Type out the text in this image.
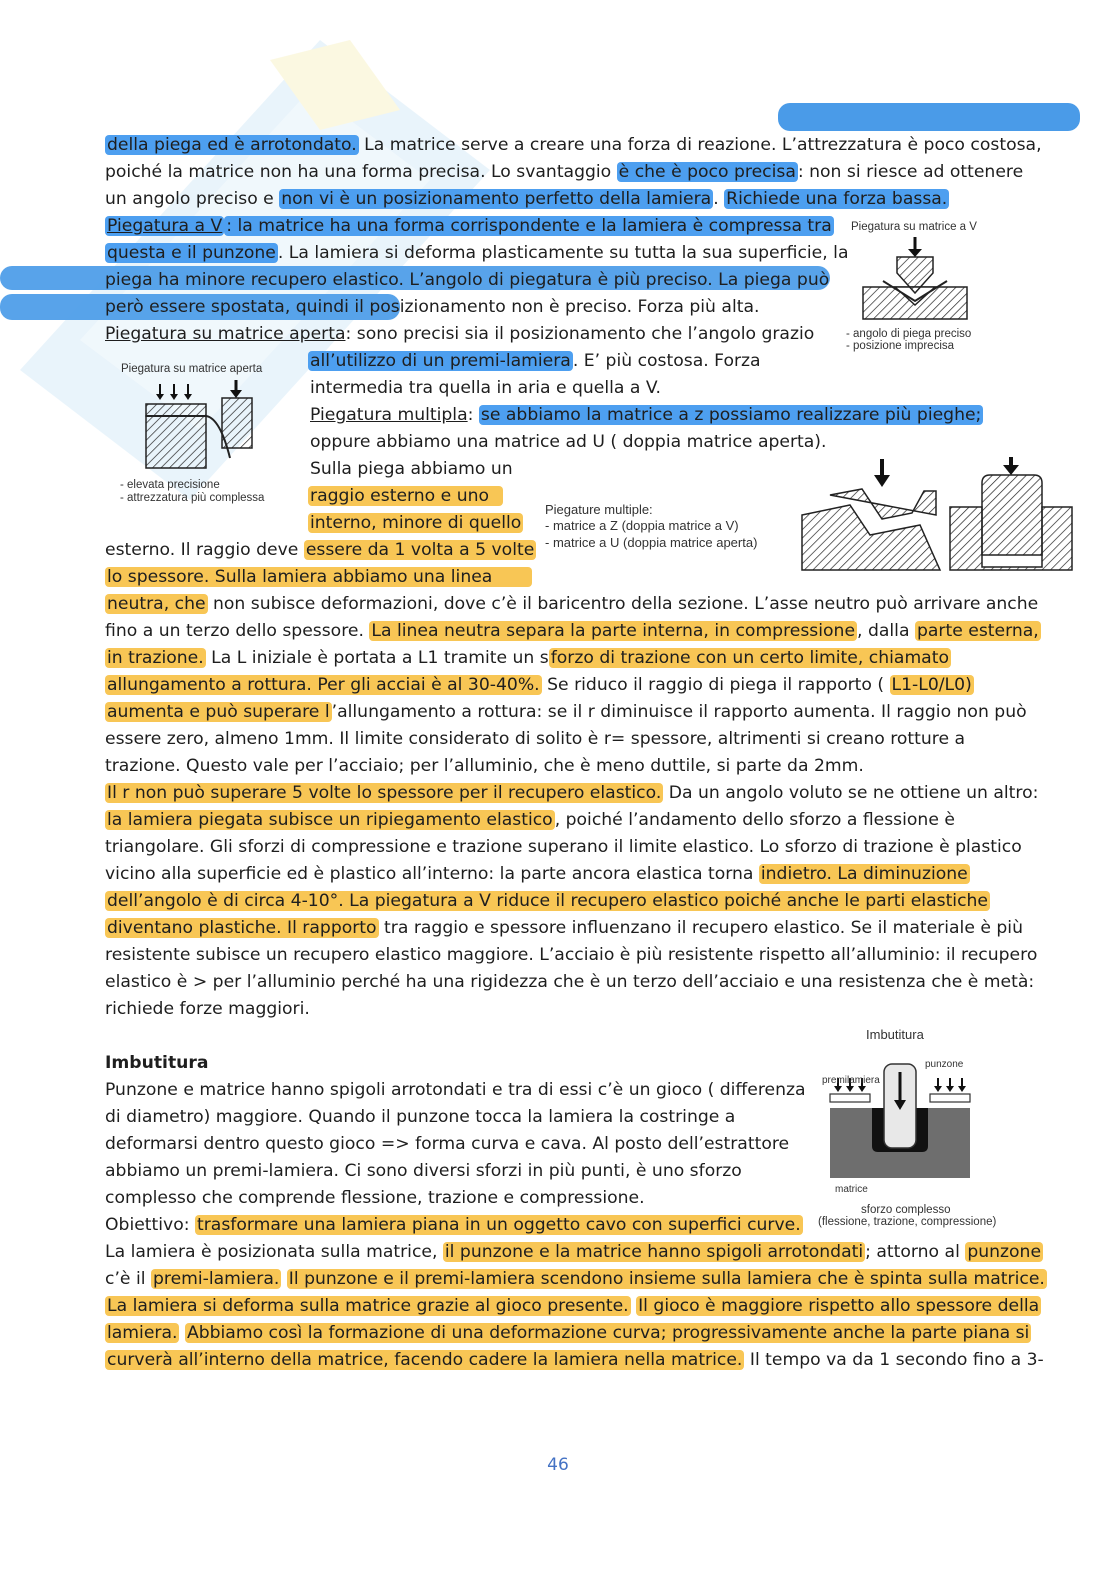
della piega ed è arrotondato. La matrice serve a creare una forza di reazione. L’attrezzatura è poco costosa,
poiché la matrice non ha una forma precisa. Lo svantaggio è che è poco precisa : non si riesce ad ottenere
un angolo preciso e non vi è un posizionamento perfetto della lamiera . Richiede una forza bassa.
Piegatura a V : la matrice ha una forma corrispondente e la lamiera è compressa tra
questa e il punzone . La lamiera si deforma plasticamente su tutta la sua superficie, la
piega ha minore recupero elastico. L’angolo di piegatura è più preciso. La piega può
però essere spostata, quindi il posizionamento non è preciso. Forza più alta.
Piegatura su matrice aperta: sono precisi sia il posizionamento che l’angolo grazio
all’utilizzo di un premi-lamiera . E’ più costosa. Forza
intermedia tra quella in aria e quella a V.
Piegatura multipla: se abbiamo la matrice a z possiamo realizzare più pieghe;
oppure abbiamo una matrice ad U ( doppia matrice aperta).
Sulla piega abbiamo un
raggio esterno e uno
interno, minore di quello
esterno. Il raggio deve essere da 1 volta a 5 volte
lo spessore. Sulla lamiera abbiamo una linea
neutra, che non subisce deformazioni, dove c’è il baricentro della sezione. L’asse neutro può arrivare anche
fino a un terzo dello spessore. La linea neutra separa la parte interna, in compressione , dalla parte esterna,
in trazione. La L iniziale è portata a L1 tramite un s forzo di trazione con un certo limite, chiamato
allungamento a rottura. Per gli acciai è al 30-40%. Se riduco il raggio di piega il rapporto ( L1-L0/L0)
aumenta e può superare l ’allungamento a rottura: se il r diminuisce il rapporto aumenta. Il raggio non può
essere zero, almeno 1mm. Il limite considerato di solito è r= spessore, altrimenti si creano rotture a
trazione. Questo vale per l’acciaio; per l’alluminio, che è meno duttile, si parte da 2mm.
Il r non può superare 5 volte lo spessore per il recupero elastico. Da un angolo voluto se ne ottiene un altro:
la lamiera piegata subisce un ripiegamento elastico , poiché l’andamento dello sforzo a flessione è
triangolare. Gli sforzi di compressione e trazione superano il limite elastico. Lo sforzo di trazione è plastico
vicino alla superficie ed è plastico all’interno: la parte ancora elastica torna indietro. La diminuzione
dell’angolo è di circa 4-10°. La piegatura a V riduce il recupero elastico poiché anche le parti elastiche
diventano plastiche. Il rapporto tra raggio e spessore influenzano il recupero elastico. Se il materiale è più
resistente subisce un recupero elastico maggiore. L’acciaio è più resistente rispetto all’alluminio: il recupero
elastico è > per l’alluminio perché ha una rigidezza che è un terzo dell’acciaio e una resistenza che è metà:
richiede forze maggiori.
Imbutitura
Punzone e matrice hanno spigoli arrotondati e tra di essi c’è un gioco ( differenza
di diametro) maggiore. Quando il punzone tocca la lamiera la costringe a
deformarsi dentro questo gioco => forma curva e cava. Al posto dell’estrattore
abbiamo un premi-lamiera. Ci sono diversi sforzi in più punti, è uno sforzo
complesso che comprende flessione, trazione e compressione.
Obiettivo: trasformare una lamiera piana in un oggetto cavo con superfici curve.
La lamiera è posizionata sulla matrice, il punzone e la matrice hanno spigoli arrotondati ; attorno al punzone
c’è il premi-lamiera. Il punzone e il premi-lamiera scendono insieme sulla lamiera che è spinta sulla matrice.
La lamiera si deforma sulla matrice grazie al gioco presente. Il gioco è maggiore rispetto allo spessore della
lamiera. Abbiamo così la formazione di una deformazione curva; progressivamente anche la parte piana si
curverà all’interno della matrice, facendo cadere la lamiera nella matrice. Il tempo va da 1 secondo fino a 3-
Piegatura su matrice a V
- angolo di piega preciso
- posizione imprecisa
Piegatura su matrice aperta
- elevata precisione
- attrezzatura più complessa
Piegature multiple:
- matrice a Z (doppia matrice a V)
- matrice a U (doppia matrice aperta)
Imbutitura
punzone
premilamiera
matrice
sforzo complesso
(flessione, trazione, compressione)
46
